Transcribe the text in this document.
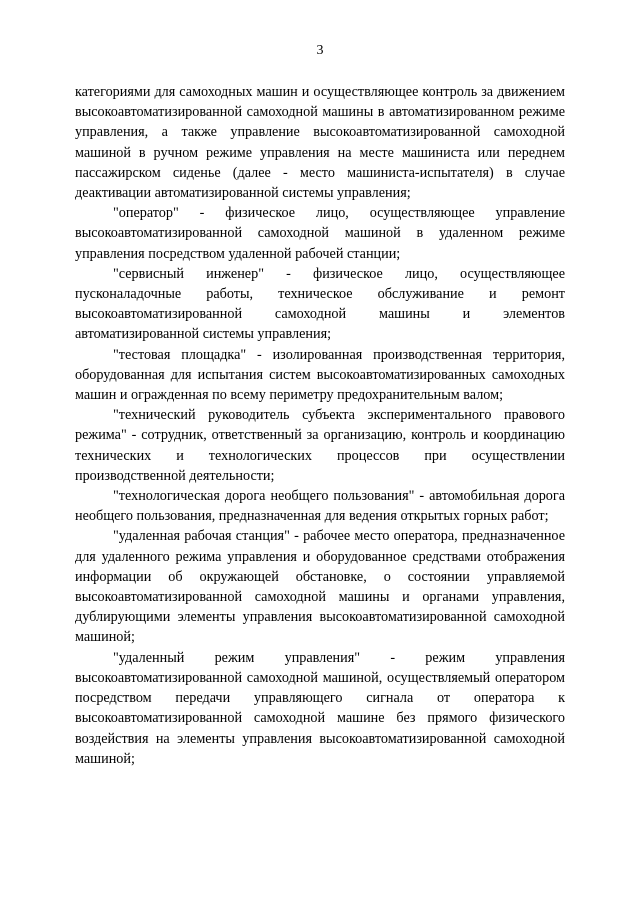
3

категориями для самоходных машин и осуществляющее контроль за движением высокоавтоматизированной самоходной машины в автоматизированном режиме управления, а также управление высокоавтоматизированной самоходной машиной в ручном режиме управления на месте машиниста или переднем пассажирском сиденье (далее - место машиниста-испытателя) в случае деактивации автоматизированной системы управления;

"оператор" - физическое лицо, осуществляющее управление высокоавтоматизированной самоходной машиной в удаленном режиме управления посредством удаленной рабочей станции;

"сервисный инженер" - физическое лицо, осуществляющее пусконаладочные работы, техническое обслуживание и ремонт высокоавтоматизированной самоходной машины и элементов автоматизированной системы управления;

"тестовая площадка" - изолированная производственная территория, оборудованная для испытания систем высокоавтоматизированных самоходных машин и огражденная по всему периметру предохранительным валом;

"технический руководитель субъекта экспериментального правового режима" - сотрудник, ответственный за организацию, контроль и координацию технических и технологических процессов при осуществлении производственной деятельности;

"технологическая дорога необщего пользования" - автомобильная дорога необщего пользования, предназначенная для ведения открытых горных работ;

"удаленная рабочая станция" - рабочее место оператора, предназначенное для удаленного режима управления и оборудованное средствами отображения информации об окружающей обстановке, о состоянии управляемой высокоавтоматизированной самоходной машины и органами управления, дублирующими элементы управления высокоавтоматизированной самоходной машиной;

"удаленный режим управления" - режим управления высокоавтоматизированной самоходной машиной, осуществляемый оператором посредством передачи управляющего сигнала от оператора к высокоавтоматизированной самоходной машине без прямого физического воздействия на элементы управления высокоавтоматизированной самоходной машиной;
